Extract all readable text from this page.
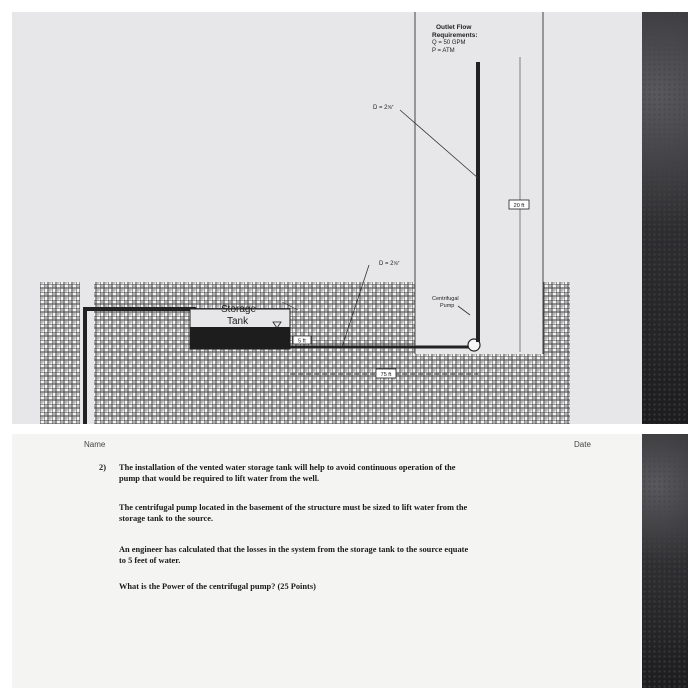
20 ft
5 ft
75 ft
Outlet Flow
Requirements:
Q = 50 GPM
P = ATM
D = 2⅝″
D = 2⅝″
Centrifugal
Pump
Storage
Tank
Name	Date
2) The installation of the vented water storage tank will help to avoid continuous operation of the
pump that would be required to lift water from the well.
The centrifugal pump located in the basement of the structure must be sized to lift water from the
storage tank to the source.
An engineer has calculated that the losses in the system from the storage tank to the source equate
to 5 feet of water.
What is the Power of the centrifugal pump? (25 Points)
